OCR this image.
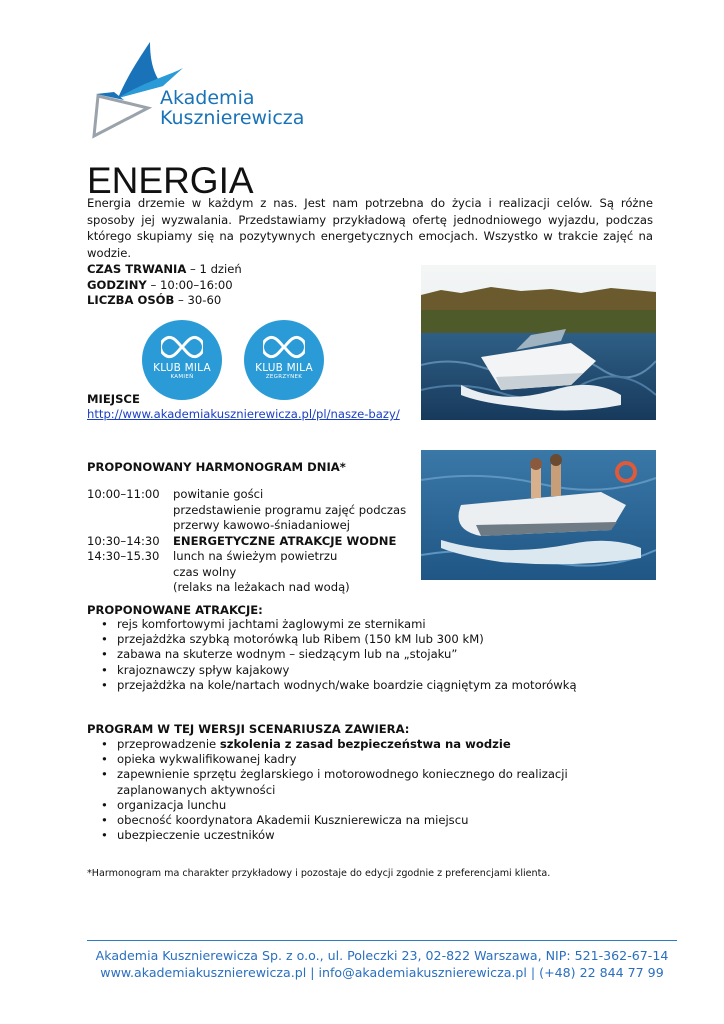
Akademia
Kusznierewicza
ENERGIA
Energia drzemie w każdym z nas. Jest nam potrzebna do życia i realizacji celów. Są różne sposoby jej wyzwalania. Przedstawiamy przykładową ofertę jednodniowego wyjazdu, podczas którego skupiamy się na pozytywnych energetycznych emocjach. Wszystko w trakcie zajęć na wodzie.
CZAS TRWANIA – 1 dzień
GODZINY – 10:00–16:00
LICZBA OSÓB – 30-60
KLUB MILA
KAMIEŃ
KLUB MILA
ZEGRZYNEK
MIEJSCE
http://www.akademiakusznierewicza.pl/pl/nasze-bazy/
PROPONOWANY HARMONOGRAM DNIA*
10:00–11:00	powitanie gości
przedstawienie programu zajęć podczas
przerwy kawowo-śniadaniowej
10:30–14:30	ENERGETYCZNE ATRAKCJE WODNE
14:30–15.30	lunch na świeżym powietrzu
czas wolny
(relaks na leżakach nad wodą)
PROPONOWANE ATRAKCJE:
• rejs komfortowymi jachtami żaglowymi ze sternikami
• przejażdżka szybką motorówką lub Ribem (150 kM lub 300 kM)
• zabawa na skuterze wodnym – siedzącym lub na „stojaku”
• krajoznawczy spływ kajakowy
• przejażdżka na kole/nartach wodnych/wake boardzie ciągniętym za motorówką
PROGRAM W TEJ WERSJI SCENARIUSZA ZAWIERA:
• przeprowadzenie szkolenia z zasad bezpieczeństwa na wodzie
• opieka wykwalifikowanej kadry
• zapewnienie sprzętu żeglarskiego i motorowodnego koniecznego do realizacji zaplanowanych aktywności
• organizacja lunchu
• obecność koordynatora Akademii Kusznierewicza na miejscu
• ubezpieczenie uczestników
*Harmonogram ma charakter przykładowy i pozostaje do edycji zgodnie z preferencjami klienta.
Akademia Kusznierewicza Sp. z o.o., ul. Poleczki 23, 02-822 Warszawa, NIP: 521-362-67-14
www.akademiakusznierewicza.pl | info@akademiakusznierewicza.pl | (+48) 22 844 77 99
